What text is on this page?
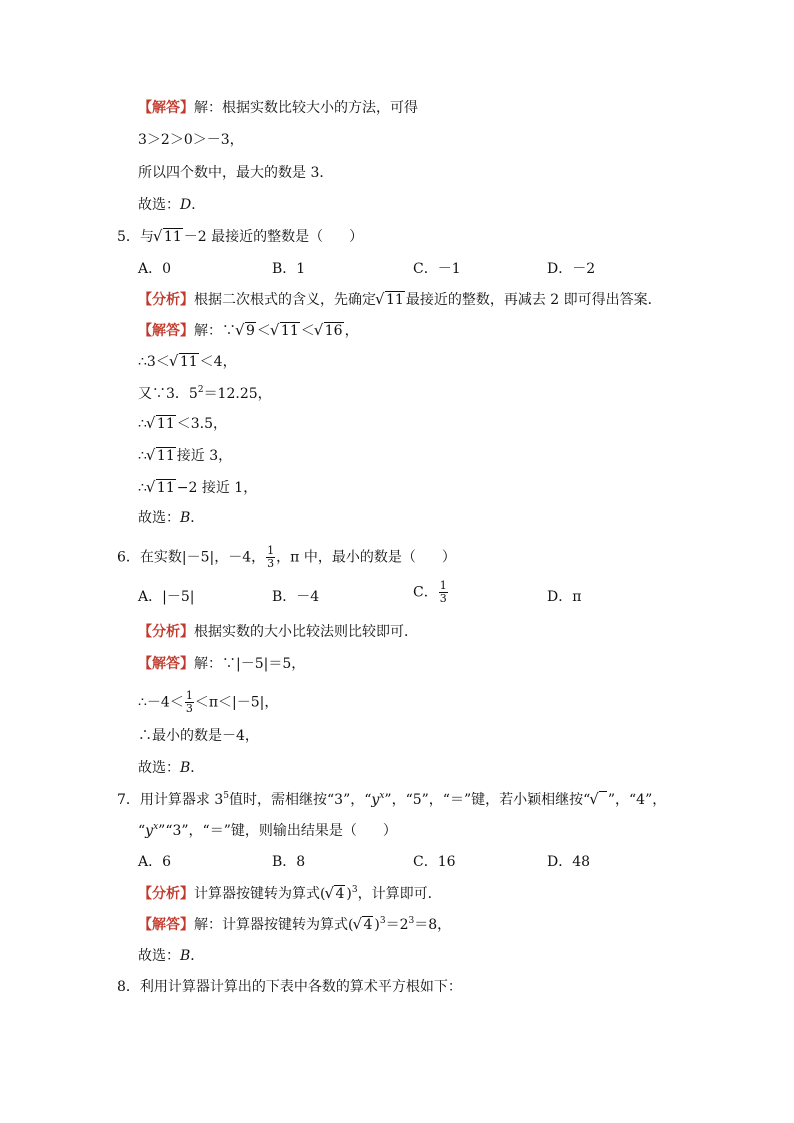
【解答】解：根据实数比较大小的方法，可得
3＞2＞0＞－3，
所以四个数中，最大的数是 3．
故选：D．
5．与 √ 11 －2 最接近的整数是（ ）
A．0	B．1	C．－1	D．－2
【分析】根据二次根式的含义，先确定 √ 11 最接近的整数，再减去 2 即可得出答案．
【解答】解：∵ √ 9 ＜ √ 11 ＜ √ 16 ，
∴3＜ √ 11 ＜4，
又∵3．$5^2=12.25$，
∴ √ 11 ＜3.5，
∴ √ 11 接近 3，
∴ √ 11 −2 接近 1，
故选：B．
6．在实数|－5|，－4， $\frac{1}{3}$ ，π 中，最小的数是（ ）
A．|－5|	B．－4	C． $\frac{1}{3}$	D．π
【分析】根据实数的大小比较法则比较即可．
【解答】解：∵|－5|＝5，
∴－4＜ $\frac{1}{3} <\pi<|-5|$，
∴最小的数是－4，
故选：B．
7．用计算器求 $3^5$值时，需相继按“3”，“$y^x$”，“5”，“＝”键，若小颖相继按“ √    ”，“4”，
“$y^x”“3$”，“＝”键，则输出结果是（ ）
A．6	B．8	C．16	D．48
【分析】计算器按键转为算式( √ 4 )$^3$，计算即可．
【解答】解：计算器按键转为算式( √ 4 )$^3=2^3=8$，
故选：B．
8．利用计算器计算出的下表中各数的算术平方根如下：
